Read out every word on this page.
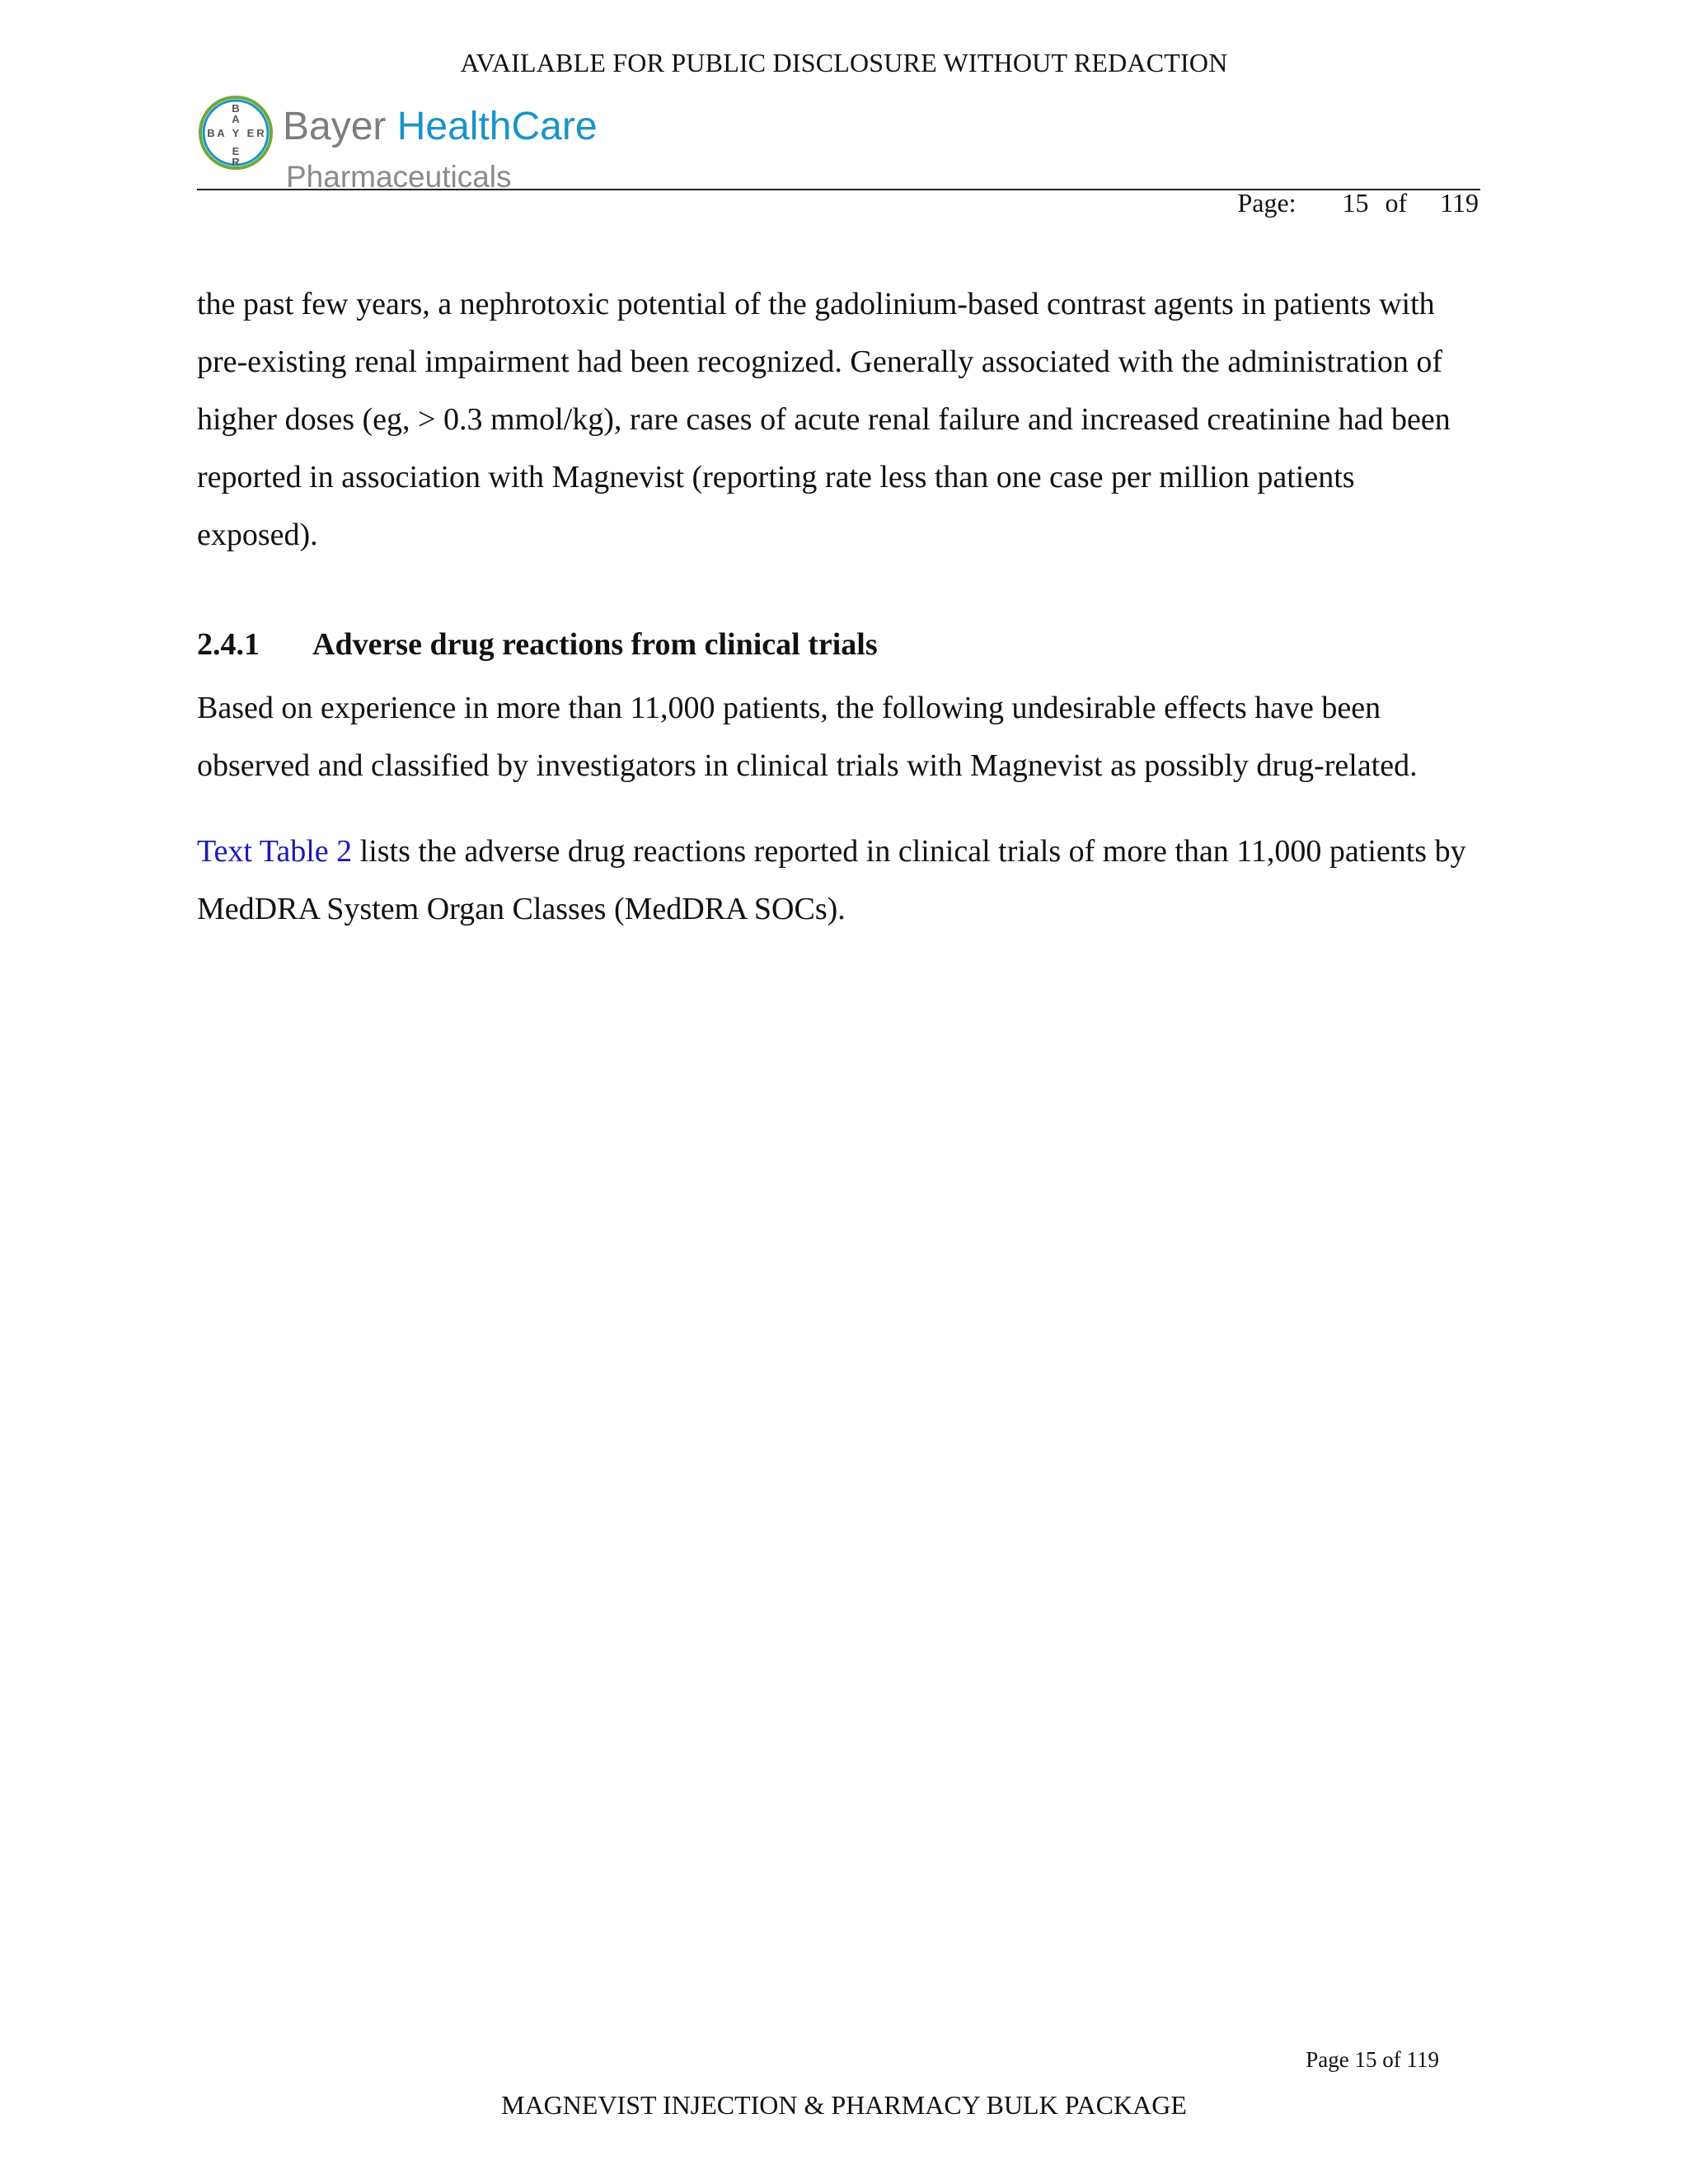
AVAILABLE FOR PUBLIC DISCLOSURE WITHOUT REDACTION
B
A
E
R
B A E R
Y Bayer HealthCare
Pharmaceuticals
Page: 15 of 119

the past few years, a nephrotoxic potential of the gadolinium-based contrast agents in patients with pre-existing renal impairment had been recognized. Generally associated with the administration of higher doses (eg, > 0.3 mmol/kg), rare cases of acute renal failure and increased creatinine had been reported in association with Magnevist (reporting rate less than one case per million patients exposed).

2.4.1 Adverse drug reactions from clinical trials

Based on experience in more than 11,000 patients, the following undesirable effects have been observed and classified by investigators in clinical trials with Magnevist as possibly drug-related.

Text Table 2 lists the adverse drug reactions reported in clinical trials of more than 11,000 patients by MedDRA System Organ Classes (MedDRA SOCs).

Page 15 of 119
MAGNEVIST INJECTION & PHARMACY BULK PACKAGE
